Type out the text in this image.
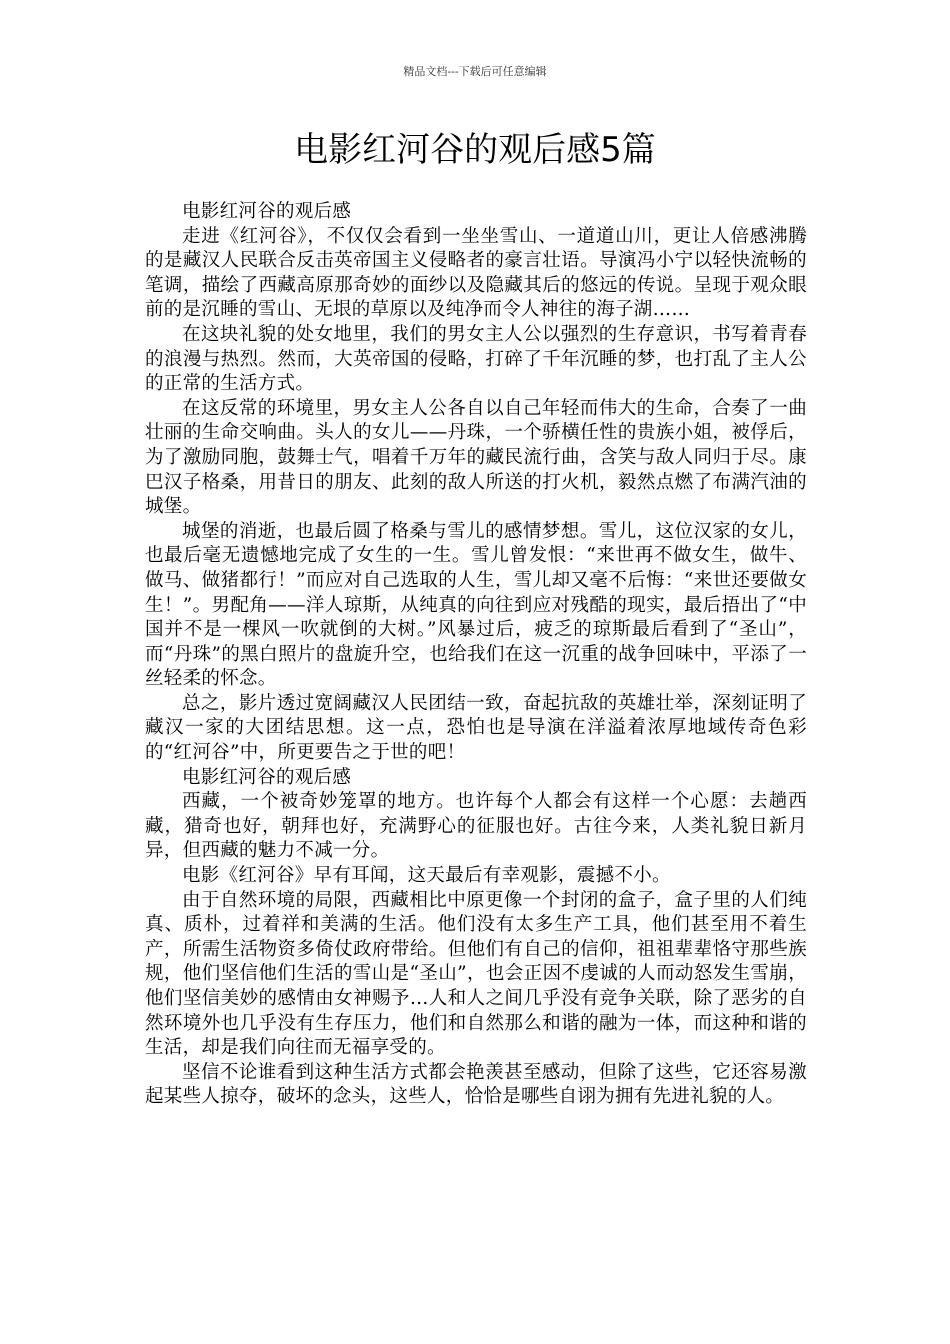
精品文档---下载后可任意编辑
电影红河谷的观后感5篇

电影红河谷的观后感

走进《红河谷》，不仅仅会看到一坐坐雪山、一道道山川，更让人倍感沸腾的是藏汉人民联合反击英帝国主义侵略者的豪言壮语。导演冯小宁以轻快流畅的笔调，描绘了西藏高原那奇妙的面纱以及隐藏其后的悠远的传说。呈现于观众眼前的是沉睡的雪山、无垠的草原以及纯净而令人神往的海子湖……

在这块礼貌的处女地里，我们的男女主人公以强烈的生存意识，书写着青春的浪漫与热烈。然而，大英帝国的侵略，打碎了千年沉睡的梦，也打乱了主人公的正常的生活方式。

在这反常的环境里，男女主人公各自以自己年轻而伟大的生命，合奏了一曲壮丽的生命交响曲。头人的女儿——丹珠，一个骄横任性的贵族小姐，被俘后，为了激励同胞，鼓舞士气，唱着千万年的藏民流行曲，含笑与敌人同归于尽。康巴汉子格桑，用昔日的朋友、此刻的敌人所送的打火机，毅然点燃了布满汽油的城堡。

城堡的消逝，也最后圆了格桑与雪儿的感情梦想。雪儿，这位汉家的女儿，也最后毫无遗憾地完成了女生的一生。雪儿曾发恨：“来世再不做女生，做牛、做马、做猪都行！”而应对自己选取的人生，雪儿却又毫不后悔：“来世还要做女生！”。男配角——洋人琼斯，从纯真的向往到应对残酷的现实，最后捂出了“中国并不是一棵风一吹就倒的大树。”风暴过后，疲乏的琼斯最后看到了“圣山”，而“丹珠”的黑白照片的盘旋升空，也给我们在这一沉重的战争回味中，平添了一丝轻柔的怀念。

总之，影片透过宽阔藏汉人民团结一致，奋起抗敌的英雄壮举，深刻证明了藏汉一家的大团结思想。这一点，恐怕也是导演在洋溢着浓厚地域传奇色彩的“红河谷”中，所更要告之于世的吧！

电影红河谷的观后感

西藏，一个被奇妙笼罩的地方。也许每个人都会有这样一个心愿：去趟西藏，猎奇也好，朝拜也好，充满野心的征服也好。古往今来，人类礼貌日新月异，但西藏的魅力不减一分。

电影《红河谷》早有耳闻，这天最后有幸观影，震撼不小。

由于自然环境的局限，西藏相比中原更像一个封闭的盒子，盒子里的人们纯真、质朴，过着祥和美满的生活。他们没有太多生产工具，他们甚至用不着生产，所需生活物资多倚仗政府带给。但他们有自己的信仰，祖祖辈辈恪守那些族规，他们坚信他们生活的雪山是“圣山”，也会正因不虔诚的人而动怒发生雪崩，他们坚信美妙的感情由女神赐予…人和人之间几乎没有竞争关联，除了恶劣的自然环境外也几乎没有生存压力，他们和自然那么和谐的融为一体，而这种和谐的生活，却是我们向往而无福享受的。

坚信不论谁看到这种生活方式都会艳羡甚至感动，但除了这些，它还容易激起某些人掠夺，破坏的念头，这些人，恰恰是哪些自诩为拥有先进礼貌的人。
